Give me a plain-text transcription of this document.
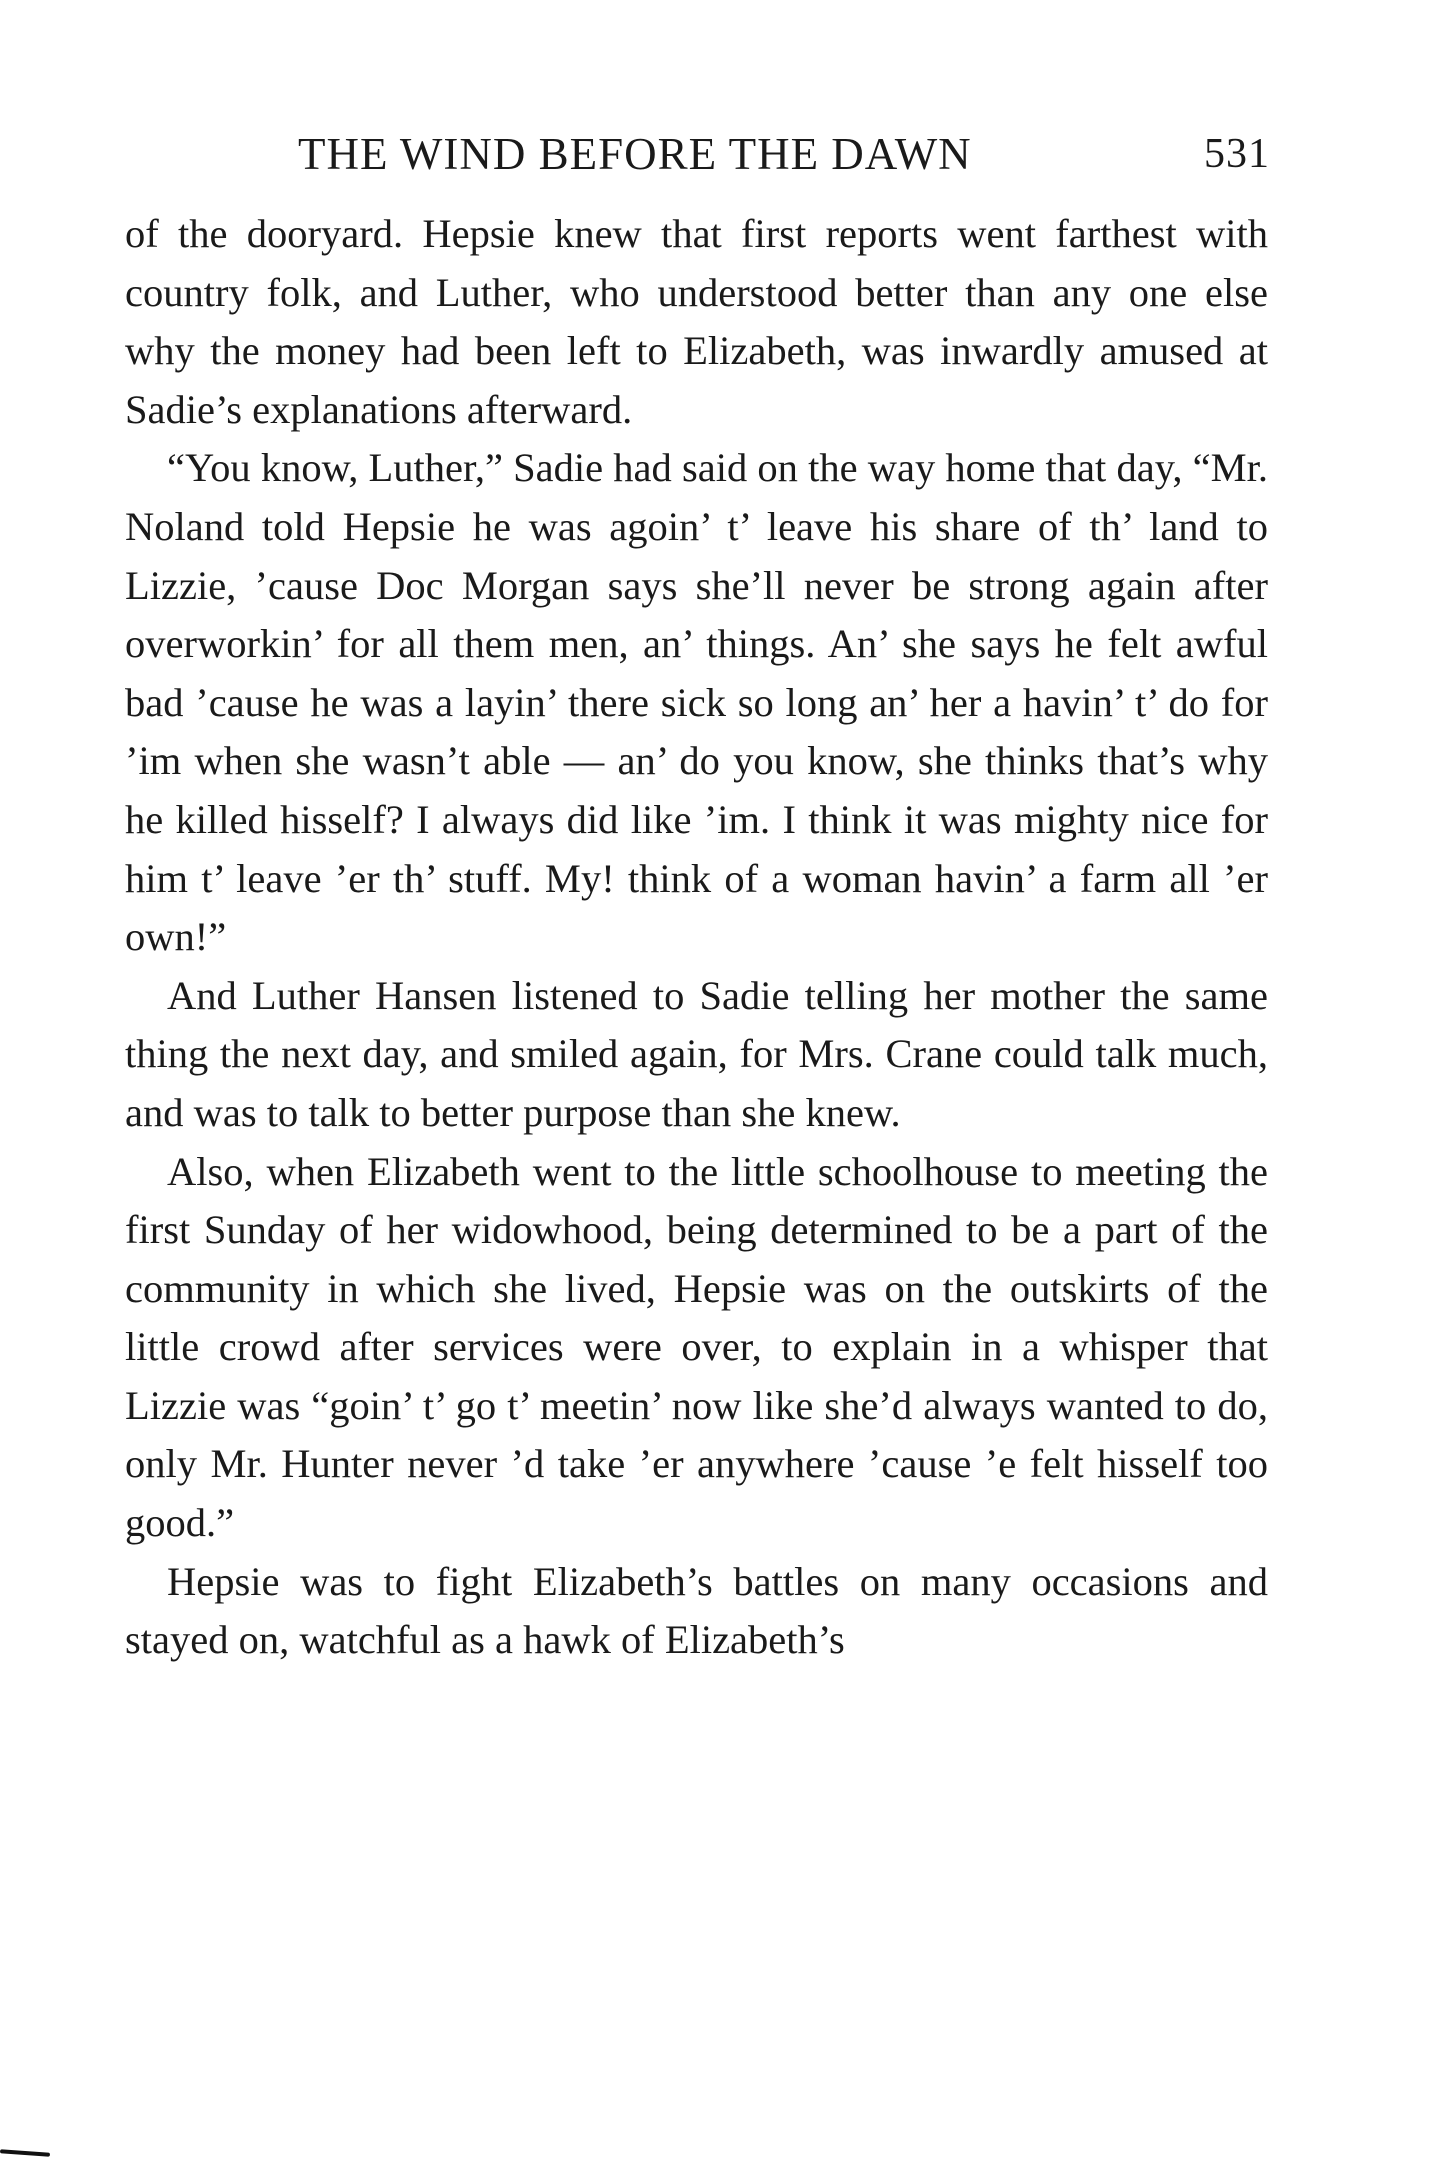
THE WIND BEFORE THE DAWN	531

of the dooryard. Hepsie knew that first reports went farthest with country folk, and Luther, who understood better than any one else why the money had been left to Elizabeth, was inwardly amused at Sadie’s explanations afterward.

“You know, Luther,” Sadie had said on the way home that day, “Mr. Noland told Hepsie he was agoin’ t’ leave his share of th’ land to Lizzie, ’cause Doc Morgan says she’ll never be strong again after overworkin’ for all them men, an’ things. An’ she says he felt awful bad ’cause he was a layin’ there sick so long an’ her a havin’ t’ do for ’im when she wasn’t able — an’ do you know, she thinks that’s why he killed hisself? I always did like ’im. I think it was mighty nice for him t’ leave ’er th’ stuff. My! think of a woman havin’ a farm all ’er own!”

And Luther Hansen listened to Sadie telling her mother the same thing the next day, and smiled again, for Mrs. Crane could talk much, and was to talk to better purpose than she knew.

Also, when Elizabeth went to the little schoolhouse to meeting the first Sunday of her widowhood, being determined to be a part of the community in which she lived, Hepsie was on the outskirts of the little crowd after services were over, to explain in a whisper that Lizzie was “goin’ t’ go t’ meetin’ now like she’d always wanted to do, only Mr. Hunter never ’d take ’er anywhere ’cause ’e felt hisself too good.”

Hepsie was to fight Elizabeth’s battles on many occasions and stayed on, watchful as a hawk of Elizabeth’s
